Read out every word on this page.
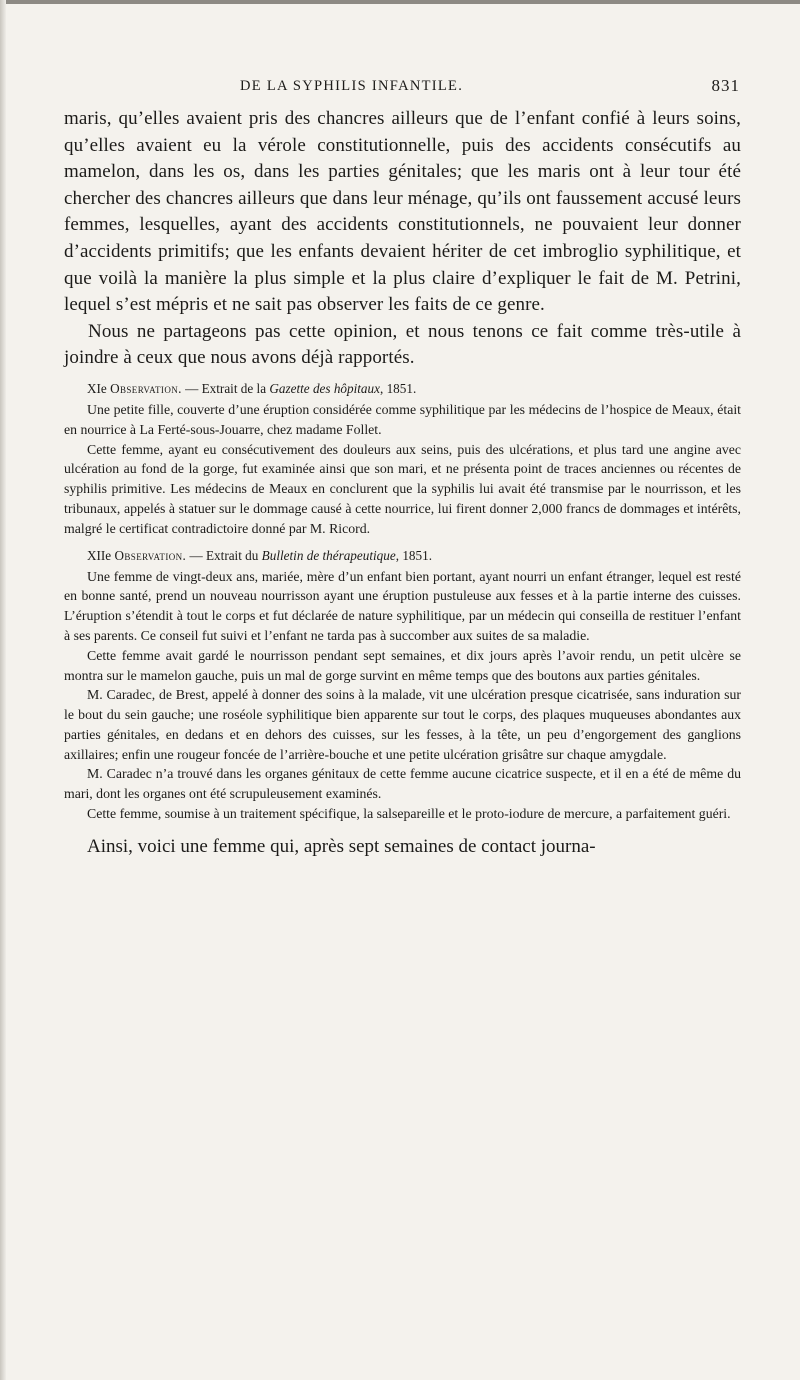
DE LA SYPHILIS INFANTILE.	831

maris, qu’elles avaient pris des chancres ailleurs que de l’enfant confié à leurs soins, qu’elles avaient eu la vérole constitutionnelle, puis des accidents consécutifs au mamelon, dans les os, dans les parties génitales; que les maris ont à leur tour été chercher des chancres ailleurs que dans leur ménage, qu’ils ont faussement accusé leurs femmes, lesquelles, ayant des accidents constitutionnels, ne pouvaient leur donner d’accidents primitifs; que les enfants devaient hériter de cet imbroglio syphilitique, et que voilà la manière la plus simple et la plus claire d’expliquer le fait de M. Petrini, lequel s’est mépris et ne sait pas observer les faits de ce genre.

Nous ne partageons pas cette opinion, et nous tenons ce fait comme très-utile à joindre à ceux que nous avons déjà rapportés.

XIe Observation. — Extrait de la Gazette des hôpitaux, 1851.

Une petite fille, couverte d’une éruption considérée comme syphilitique par les médecins de l’hospice de Meaux, était en nourrice à La Ferté-sous-Jouarre, chez madame Follet.

Cette femme, ayant eu consécutivement des douleurs aux seins, puis des ulcérations, et plus tard une angine avec ulcération au fond de la gorge, fut examinée ainsi que son mari, et ne présenta point de traces anciennes ou récentes de syphilis primitive. Les médecins de Meaux en conclurent que la syphilis lui avait été transmise par le nourrisson, et les tribunaux, appelés à statuer sur le dommage causé à cette nourrice, lui firent donner 2,000 francs de dommages et intérêts, malgré le certificat contradictoire donné par M. Ricord.

XIIe Observation. — Extrait du Bulletin de thérapeutique, 1851.

Une femme de vingt-deux ans, mariée, mère d’un enfant bien portant, ayant nourri un enfant étranger, lequel est resté en bonne santé, prend un nouveau nourrisson ayant une éruption pustuleuse aux fesses et à la partie interne des cuisses. L’éruption s’étendit à tout le corps et fut déclarée de nature syphilitique, par un médecin qui conseilla de restituer l’enfant à ses parents. Ce conseil fut suivi et l’enfant ne tarda pas à succomber aux suites de sa maladie.

Cette femme avait gardé le nourrisson pendant sept semaines, et dix jours après l’avoir rendu, un petit ulcère se montra sur le mamelon gauche, puis un mal de gorge survint en même temps que des boutons aux parties génitales.

M. Caradec, de Brest, appelé à donner des soins à la malade, vit une ulcération presque cicatrisée, sans induration sur le bout du sein gauche; une roséole syphilitique bien apparente sur tout le corps, des plaques muqueuses abondantes aux parties génitales, en dedans et en dehors des cuisses, sur les fesses, à la tête, un peu d’engorgement des ganglions axillaires; enfin une rougeur foncée de l’arrière-bouche et une petite ulcération grisâtre sur chaque amygdale.

M. Caradec n’a trouvé dans les organes génitaux de cette femme aucune cicatrice suspecte, et il en a été de même du mari, dont les organes ont été scrupuleusement examinés.

Cette femme, soumise à un traitement spécifique, la salsepareille et le proto-iodure de mercure, a parfaitement guéri.

Ainsi, voici une femme qui, après sept semaines de contact journa-
